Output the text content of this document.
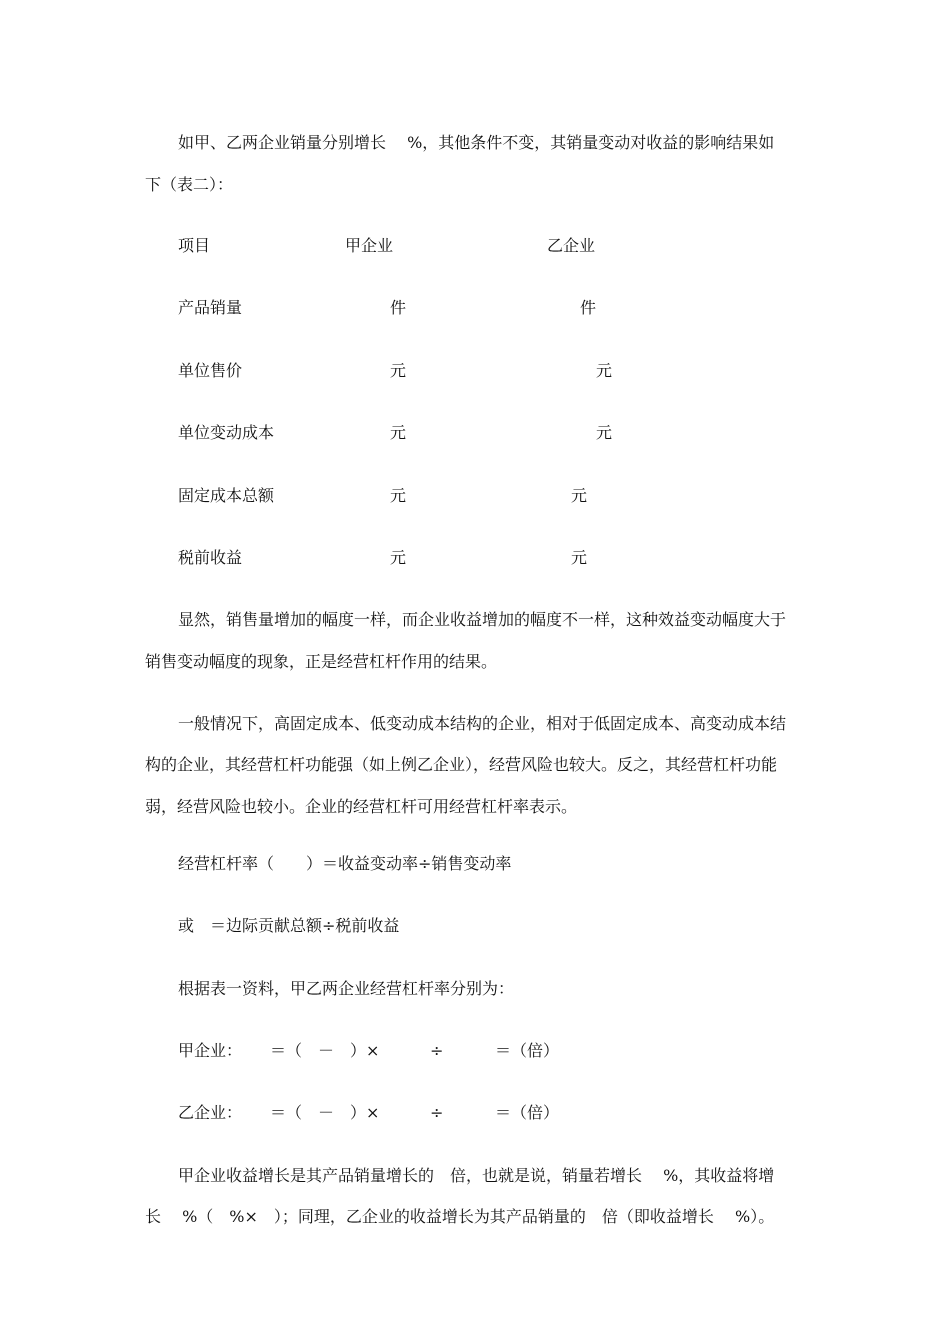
如甲、乙两企业销量分别增长　 %，其他条件不变，其销量变动对收益的影响结果如
下（表二）：
项目	甲企业	乙企业
产品销量	件	件
单位售价	元	元
单位变动成本	元	元
固定成本总额	元	元
税前收益	元	元
显然，销售量增加的幅度一样，而企业收益增加的幅度不一样，这种效益变动幅度大于
销售变动幅度的现象，正是经营杠杆作用的结果。
一般情况下，高固定成本、低变动成本结构的企业，相对于低固定成本、高变动成本结
构的企业，其经营杠杆功能强（如上例乙企业），经营风险也较大。反之，其经营杠杆功能
弱，经营风险也较小。企业的经营杠杆可用经营杠杆率表示。
经营杠杆率（　　）＝收益变动率÷销售变动率
或　＝边际贡献总额÷税前收益
根据表一资料，甲乙两企业经营杠杆率分别为：
甲企业： ＝（　－　）×	÷	＝（倍）
乙企业： ＝（　－　）×	÷	＝（倍）
甲企业收益增长是其产品销量增长的　倍，也就是说，销量若增长　 %，其收益将增
长　 %（　%×　）；同理，乙企业的收益增长为其产品销量的　倍（即收益增长　 %）。
